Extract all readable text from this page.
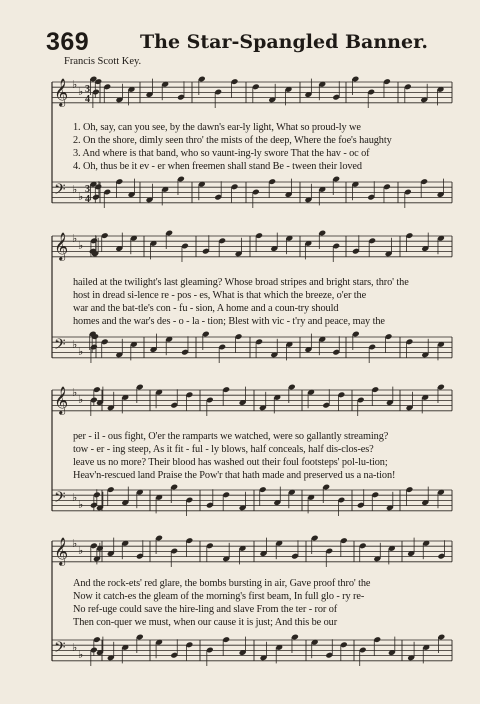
369	The Star-Spangled Banner.
Francis Scott Key.
𝄞 ♭
♭
𝄢 ♭
♭
𝄞 ♭
♭
𝄢 ♭
♭
𝄞 ♭
♭
𝄢 ♭
♭
𝄞 ♭
♭
𝄢 ♭
♭
3
4
3
4
1. Oh, say, can you see, by the dawn's ear-ly light, What so proud-ly we
2. On the shore, dimly seen thro' the mists of the deep, Where the foe's haughty
3. And where is that band, who so vaunt-ing-ly swore That the hav - oc of
4. Oh, thus be it ev - er when freemen shall stand Be - tween their loved
hailed at the twilight's last gleaming? Whose broad stripes and bright stars, thro' the
host in dread si-lence re - pos - es, What is that which the breeze, o'er the
war and the bat-tle's con - fu - sion, A home and a coun-try should
homes and the war's des - o - la - tion; Blest with vic - t'ry and peace, may the
per - il - ous fight, O'er the ramparts we watched, were so gallantly streaming?
tow - er - ing steep, As it fit - ful - ly blows, half conceals, half dis-clos-es?
leave us no more? Their blood has washed out their foul footsteps' pol-lu-tion;
Heav'n-rescued land Praise the Pow'r that hath made and preserved us a na-tion!
And the rock-ets' red glare, the bombs bursting in air, Gave proof thro' the
Now it catch-es the gleam of the morning's first beam, In full glo - ry re-
No ref-uge could save the hire-ling and slave From the ter - ror of
Then con-quer we must, when our cause it is just; And this be our
